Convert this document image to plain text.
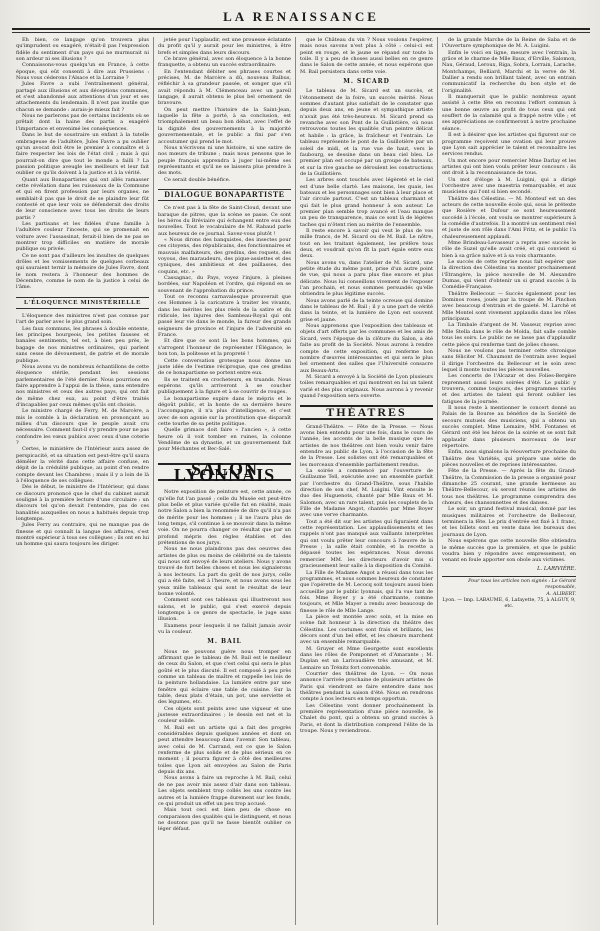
LA RENAISSANCE

Eh bien, ce langage qu'on trouvera plus qu'imprudent ou exagéré, n'était-il pas l'expression fidèle du sentiment d'un pays qui ne murmurait ni son ardeur ni ses illusions ?

Connaissons-vous quelqu'un en France, à cette époque, qui eût consenti à dire aux Prussiens : Nous vous céderons l'Alsace et la Lorraine ?

Jules Favre a subi l'entraînement général, partagé aux illusions et aux déceptions communes, et s'est abandonné aux attentions d'un jour et ses attachements du lendemain. Il n'est pas inutile que chacun se demande : aurais-je mieux fait ?

Nous ne parlerons pas de certains incidents où se prêtait dont la haine des partis a exagéré l'importance et envenimé les conséquences.

Dans le but de soustraire un enfant à la tutelle ombrageuse de l'adultère, Jules Favre a pu oublier qu'un avocat doit être le premier à connaître et à faire respecter les lois de l'état civil ; mais à qui pourrait-on dire que tout le monde a failli ? La passion politique aveugle les meilleurs et leur fait oublier ce qu'ils doivent à la justice et à la vérité.

Quant aux Bonapartistes qui ont allés ramasser cette révélation dans les ruisseaux de la Commune et qui en firent profession par leurs organes, ne semblait-il pas que le droit de se plaindre leur fût contesté et que leur voix se défenderait des droits de leur conscience avec tous les droits de leurs partis ?

Les partisans et les fidèles d'une famille à l'adultère couleur l'inceste, qui se promenait en voiture avec l'assassinat, ferait-il bien de ne pas se montrer trop difficiles en matière de morale publique ou privée.

Ce ne sont pas d'ailleurs les insultes de quelques drôles et les vomissements de quelques corbeaux qui sauraient ternir la mémoire de Jules Favre, dont le nom restera à l'honneur des hommes de Décembre, comme le nom de la justice à celui de l'âme.

L'ÉLOQUENCE MINISTÉRIELLE

L'éloquence des ministres n'est pas connue par l'art de parler avec le plus grand soin.

Les faux communs, les phrases à double entente, les principes bourgeois, les petites fausses et banales sentiments, tel est, à bien peu près, le bagage de nos ministres ordinaires, qui parlent sans cesse de dévouement, de patrie et de morale publique.

Nous avons vu de nombreux échantillons de cette éloquence stérile, pendant les sessions parlementaires de l'été dernier. Nous pourrions en faire apprendre à l'appui de la thèse, sans entendre nos ministres et ceux des autres pays, qui ont fait de même chez eux, au point d'être traités d'incapables par ceux mêmes qu'ils ont choisis.

Le ministre chargé de Ferry, M. de Marcère, a mis le comble à la déclaration en prononçant au milieu d'un discours que le peuple avait cru nécessaire. Comment faut-il s'y prendre pour ne pas confondre les vœux publics avec ceux d'une coterie ?

Certes, le ministère de l'Intérieur aura assez de perspicacité, et sa situation est peut-être qu'il saura démêler la vérité dans cette affaire confuse, en dépit de la crédulité publique, au point d'en rendre compte devant les Chambres ; mais il y a loin de là à l'éloquence de ses collègues.

Dès le début, le ministre de l'Intérieur, qui dans ce discours prononcé que le chef du cabinet aurait souligné à la première lecture d'une circulaire : un discours tel qu'on devait l'entendre, pas de ces banalités auxquelles on nous a habitués depuis trop longtemps.

Jules Ferry au contraire, qui ne manque pas de finesse et qui connaît la langue des affaires, s'est montré supérieur à tous ses collègues ; ils ont en lui un homme qui saura toujours les diriger.

jetée pour l'applaudir, est une prouesse éclatante du profit qu'il y aurait pour les ministres, à être brefs et simples dans leurs discours.

Ce brave général, avec son éloquence à la bonne franquette, a obtenu un succès extraordinaire.

En l'entendant débiter ses phrases courtes et précises, M. de Marcère a dû, nouveau Balbus, réfléchir à sa grandeur passée, et songer que s'il avait répondu à M. Clémenceau avec un pareil langage, il aurait obtenu le plus bel ornement de bravoure.

On peut mettre l'histoire de la Saint-Jean, laquelle la fête a porté, à sa conclusion, est triomphalement un beau bon débat, avec l'effet de la dignité des gouvernements à la majorité gouvernementale, et le public a fini par s'en accoutumer qui prend le mot.

Nous n'écrivons ni une histoire, ni une satire de nos mœurs de tribune ; mais nous pensons que le peuple français apprendra à juger lui-même ses représentants et qu'il ne se laissera plus prendre à des mots.

Ce serait double bénéfice.

DIALOGUE BONAPARTISTE

Ce n'est pas à la fête de Saint-Cloud, devant une baraque de pitres, que la scène se passe. Ce sont les héros du Bréviaire qui échangent entre eux des nouvelles. Tout le vocabulaire de M. Rabaud parle aux heureux de ce journal. Savez-vous plutôt !

« Nous dirons des banquistes, des insectes pour ces citoyens, des républicains, des fonctionnaires et mauvais malfaiteurs, des gredins, des roquets, des voyous, des maraudeurs, des pique-assiettes et des cyniques, des ambitieux et des paillasses, des coquins, etc. »

Cassagnac, du Pays, voyez l'injure, à pleines bordées, sur Napoléon et l'ordre, qui répond en se souvenant de l'approbation du prince.

Tout ce reconnu carnavalesque prouverait que ces Hommes à la caricature à traiter les vivants, dans les mérites les plus réels de la satire et du ridicule, les injures des Sambeau-Royal qui ont passé leur vie dans le monde, la fureur des grands seigneurs de province et l'injure de l'adversité en France.

Et dire que ce sont là les bons hommes, qui s'arrogent l'honneur de représenter l'Élégance, le bon ton, la politesse et la propreté !

Cette conversation grotesque nous donne un juste idée de l'estime réciproque, que ces gredins de ce bonapartisme se portent entre eux.

Ils se traitent en crocheteurs, en truands. Nous espérons qu'ils arriveront à se coucher publiquement à la figure et à se couvrir de rouges.

Le bonapartisme expire dans le mépris et le dégoût public, et la honte de sa dernière heure l'accompagne, il n'a plus d'intelligence, et c'est avec de son agonie sur la prostitution que disparaît cette tourbe de sa petite politique.

Quelle grimace doit faire « l'ancien », à cette heure où il voit tomber en ruines, la colonne Vendôme de sa dynastie, et un gouvernement fait pour Méchantes et Bec-Salé.

SALON LYONNAIS

Notre exposition de peinture est, cette année, ce qu'elle fut l'an passé ; celle du Musée est peut-être plus belle et plus variée qu'elle fut en réalité, mais notre Salon a bien la renommée de dire qu'il n'a pas de mérite pour les hommes ; il ne l'aura plus de long temps, s'il continue à se mouvoir dans la même voie. On ne pourra changer ce résultat que par un profond mépris des règles établies et des prétentions de nos jurys.

Nous ne nous plaindrons pas des oeuvres des artistes de plus ou moins de célébrité ou de talents qui nous ont envoyé de leurs ateliers. Nous y avons trouvé de fort belles choses et nous les signalerons à nos lecteurs. La part du goût de nos jurys, celle qui a été faite, est à l'heure, et nous avons sous les yeux mille tableaux qui sont le résultat de leur bonne volonté.

Comment sont ces tableaux qui illustreront nos salons, et le public, qui s'est exercé depuis longtemps à ce genre de spectacle, le juge sans illusion.

Examens pour lesquels il ne fallait jamais avoir vu la couleur.

M. BAIL

Nous ne pouvons guère nous tromper en affirmant que le tableau de M. Bail est le meilleur de ceux du Salon, et que c'est celui qui sera le plus goûté et le plus discuté. Il est composé à peu près comme un tableau de maître et rappelle les lois de la peinture hollandaise. La lumière entre par une fenêtre qui éclaire une table de cuisine. Sur la table, deux plats d'étain, un pot, une serviette et des légumes, etc.

Ces objets sont peints avec une vigueur et une justesse extraordinaires ; le dessin est net et la couleur solide.

M. Bail est un artiste qui a fait des progrès considérables depuis quelques années et dont on peut attendre beaucoup dans l'avenir. Son tableau, avec celui de M. Carrand, est ce que le Salon renferme de plus solide et de plus sérieux en ce moment ; il pourra figurer à côté des meilleures toiles que Lyon ait envoyées au Salon de Paris depuis dix ans.

Nous avons à faire un reproche à M. Bail, celui de ne pas avoir mis assez d'air dans son tableau. Les objets semblent trop collés les uns contre les autres et la lumière frappe durement sur les fonds, ce qui produit un effet un peu trop accusé.

Mais tout ceci est bien peu de chose en comparaison des qualités qui le distinguent, et nous ne doutons pas qu'il ne fasse bientôt oublier ce léger défaut.

que le Château du vin ? Nous voulons l'espérer, mais nous savons n'est plus à côté : celui-ci est peint en rouge, et le jaune se répand sur toute la toile. Il y a peu de choses aussi belles en ce genre dans le Salon de cette année, et nous espérons que M. Bail persistera dans cette voie.

M. SICARD

Le tableau de M. Sicard est un succès, et l'étonnement de la foire, un succès mérité. Nous sommes d'autant plus satisfait de le constater que depuis deux ans, en jeune et sympathique artiste n'avait pas été très-heureux. M. Sicard prend sa revanche avec son Pont de la Guillotière, où nous retrouvons toutes les qualités d'un peintre délicat et habile : la grâce, la fraîcheur et l'entrain. Le tableau représente le pont de la Guillotière par un soleil de midi, et la rue vue de haut, vers le faubourg, se dessine dans un beau ciel bleu. Le premier plan est occupé par un groupe de bateaux, et sur la rive gauche se déroulent les constructions de la Guillotière.

Les arbres sont touchés avec légèreté et le ciel est d'une belle clarté. Les maisons, les quais, les bateaux et les personnages sont bien à leur place et l'air circule partout. C'est un tableau charmant et qui fait le plus grand honneur à son auteur. Le premier plan semble trop avancé et l'eau manque un peu de transparence, mais ce sont là de légères taches qui n'ôtent rien au mérite de l'ensemble.

Il reste encore à savoir qui veut le plus de vos mille francs, de M. Sicard ou de M. Bail. Le nôtre, tout en les traitant également, les préfère tous deux, et voudrait qu'on fît la part égale entre eux deux.

Nous avons vu, dans l'atelier de M. Sicard, une petite étude du même pont, prise d'un autre point de vue, qui nous a paru plus fine encore et plus délicate. Nous lui conseillons vivement de l'exposer l'an prochain, et nous sommes persuadés qu'elle obtiendra le plus légitime succès.

Nous avons parlé de la teinte ocreuse qui domine dans le tableau de M. Bail ; il y a une part de vérité dans la teinte, et la lumière de Lyon est souvent grise et jaune.

Nous apprenons que l'exposition des tableaux et objets d'art offerts par les communes et les amis de Sicard, vers l'époque de la clôture du Salon, a été faite au profit de la Société. Nous aurons à rendre compte de cette exposition, qui renferme bon nombre d'œuvres intéressantes et qui sera le plus bel ornement des salles que l'Université consacre aux Beaux-Arts.

M. Sicard a envoyé à la Société de Lyon plusieurs toiles remarquables et qui montrent en lui un talent varié et des plus originaux. Nous aurons à y revenir quand l'exposition sera ouverte.

THÉATRES

Grand-Théâtre. — Fête de la Presse. — Nous avons bien entendu pour une fois, dans le cours de l'année, les accents de la belle musique que les artistes de nos théâtres ont bien voulu venir faire entendre au public de Lyon, à l'occasion de la fête de la Presse. Les solistes ont été remarquables et les morceaux d'ensemble parfaitement rendus.

La soirée a commencé par l'ouverture de Guillaume Tell, exécutée avec un ensemble parfait par l'orchestre du Grand-Théâtre, sous l'habile direction de son chef, M. Luigini. Vint ensuite le duo des Huguenots, chanté par Mlle Baux et M. Salomon, avec un rare talent, puis les couplets de la Fille de Madame Angot, chantés par Mme Boyer avec une verve charmante.

Tout a été dit sur les artistes qui figuraient dans cette représentation. Les applaudissements et les rappels n'ont pas manqué aux vaillants interprètes qui ont voulu prêter leur concours à l'œuvre de la Presse ; la salle était comble, et la recette a dépassé toutes les espérances. Nous devons remercier MM. les directeurs d'avoir mis si gracieusement leur salle à la disposition du Comité.

La Fille de Madame Angot a réussi dans tous les programmes, et nous sommes heureux de constater que l'opérette de M. Lecocq soit toujours aussi bien accueillie par le public lyonnais, qui l'a vue tant de fois. Mme Boyer y a été charmante, comme toujours, et Mlle Mayer a rendu avec beaucoup de finesse le rôle de Mlle Lange.

La pièce est montée avec soin, et la mise en scène fait honneur à la direction du théâtre des Célestins. Les costumes sont frais et brillants, les décors sont d'un bel effet, et les chœurs marchent avec un ensemble remarquable.

M. Gruyer et Mme Georgette sont excellents dans les rôles de Pomponnet et d'Amarante ; M. Duplan est un Larivaudière très amusant, et M. Lemaire un Trénitz fort convenable.

Courrier des théâtres de Lyon. — On nous annonce l'arrivée prochaine de plusieurs artistes de Paris qui viendront se faire entendre dans nos théâtres pendant la saison d'été. Nous en rendrons compte à nos lecteurs en temps opportun.

Les Célestins vont donner prochainement la première représentation d'une pièce nouvelle, le Chalet du pont, qui a obtenu un grand succès à Paris, et dont la distribution comprend l'élite de la troupe. Nous y reviendrons.

de la grande Marche de la Reine de Saba et de l'Ouverture symphonique de M. A. Luigini.

Enfin le voici en ligne, mesure avec l'entrain, la grâce et le charme de Mlle Baux, d'Erville, Salomon, Nau, Géraud, Leroux, Riga, Sobra, Lorrain, Larache, Montchamps, Belliard, Marchi et la verve de M. Dallier a rendu son brillant talent, avec un entrain communicatif la recherche du bon style et de l'originalité.

Il manquerait que le public nombreux ayant assisté à cette fête en reconnu l'effort commun à une bonne œuvre au profit de tous ceux qui ont souffert de la calamité qui a frappé notre ville ; et ses appréciations se confirmeront à notre prochaine séance.

Il est à désirer que les artistes qui figurent sur ce programme reçoivent une ovation qui leur prouve que Lyon sait apprécier le talent et reconnaître les services rendus.

Un mot encore pour remercier Mme Darlay et les artistes qui ont bien voulu prêter leur concours : ils ont droit à la reconnaissance de tous.

Un mot d'éloge à M. Luigini, qui a dirigé l'orchestre avec une maestria remarquable, et aux musiciens qui l'ont si bien secondé.

Théâtre des Célestins. — M. Monteuf est un des acteurs de cette nouvelle école qui, sous le prétexte que Rosière et Dufour se sont heureusement succédé à l'école, ont voulu se montrer supérieurs à la comédie d'autrefois. Il a montré un sentiment réel et juste de son rôle dans l'Ami Fritz, et le public l'a chaleureusement applaudi.

Mme Brindeau-Levasseur a repris avec succès le rôle de Suzel qu'elle avait créé, et qui convient si bien à sa grâce naïve et à sa voix charmante.

Le succès de cette reprise nous fait espérer que la direction des Célestins va monter prochainement l'Étrangère, la pièce nouvelle de M. Alexandre Dumas, qui vient d'obtenir un si grand succès à la Comédie-Française.

Théâtre Bellecour. — Succès également pour les Dominos roses, joués par la troupe de M. Pinchon avec beaucoup d'entrain et de gaieté. M. Larché et Mlle Montel sont vivement applaudis dans les rôles principaux.

La Timbale d'argent de M. Vasseur, reprise avec Mlle Stella dans le rôle de Molda, fait salle comble tous les soirs. Le public ne se lasse pas d'applaudir cette pièce qui renferme tant de jolies choses.

Nous ne voulons pas terminer cette chronique sans féliciter M. Chaumont de l'entrain avec lequel il dirige l'orchestre du Bellecour et le soin avec lequel il monte toutes les pièces nouvelles.

Les concerts de l'Alcazar et des Folies-Bergère reprennent aussi leurs soirées d'été. Le public y trouvera, comme toujours, des programmes variés et des artistes de talent qui feront oublier les fatigues de la journée.

Il nous reste à mentionner le concert donné au Palais de la Bourse au bénéfice de la Société de secours mutuels des musiciens, qui a obtenu un succès complet. Mme Lemaire, MM. Fontanes et Gérard ont été les héros de la soirée et se sont fait applaudir dans plusieurs morceaux de leur répertoire.

Enfin, nous signalons la réouverture prochaine du Théâtre des Variétés, qui prépare une série de pièces nouvelles et de reprises intéressantes.

Fête de la Presse. — Après la fête du Grand-Théâtre, la Commission de la presse a organisé pour dimanche 25 courant, une grande kermesse au Théâtre-Bellecour, où seront réunis les artistes de tous nos théâtres. Le programme comprendra des chœurs, des chansonnettes et des danses.

Le soir, un grand festival musical, donné par les musiques militaires et l'orchestre de Bellecour, terminera la fête. Le prix d'entrée est fixé à 1 franc, et les billets sont en vente dans les bureaux des journaux de Lyon.

Nous espérons que cette nouvelle fête obtiendra le même succès que la première, et que le public voudra bien y répondre avec empressement, en venant en foule apporter son obole aux victimes.

L. LARIVIÈRE.
Pour tous les articles non signés : Le Gérant responsable,
A. ALIBERT.
Lyon. — Imp. LABAUME, 6, Lafayette, 75, à ALGUY, 9, etc.
